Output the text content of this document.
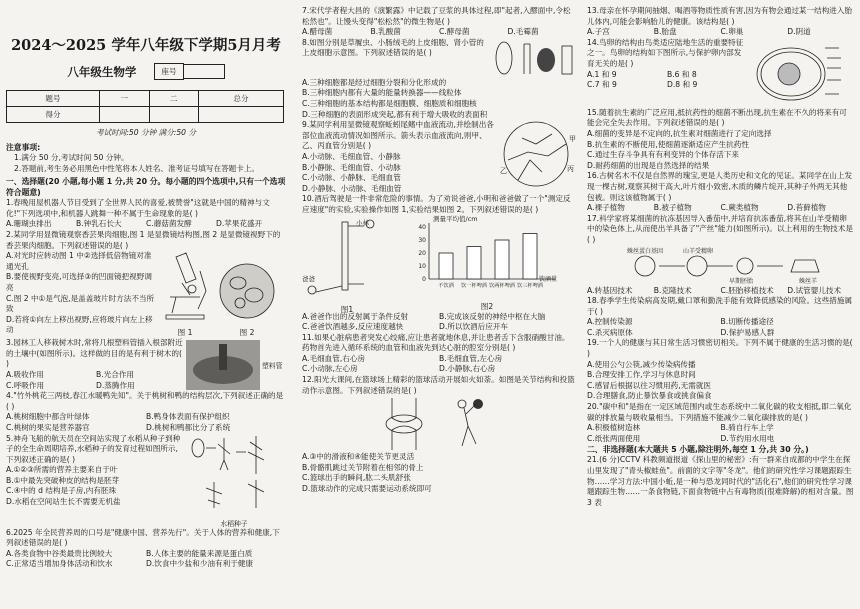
2024～2025 学年八年级下学期5月月考

八年级生物学	座号
题号	一	二	总分
得分			

考试时间:50 分钟 满分:50 分

注意事项:

1.满分 50 分,考试时间 50 分钟。

2.答题前,考生务必用黑色中性笔将本人姓名、准考证号填写在答题卡上。

一、选择题(20 小题,每小题 1 分,共 20 分。每小题的四个选项中,只有一个选项符合题意)

1.春晚用屋机器人节目受到了全世界人民的喜爱,被赞誉"这就是中国的精神与文化!"下列选项中,和机器人跳舞一种不属于生命现象的是( )

A.珊瑚虫排出	B.钟乳石长大	C.蘑菇菌发酵	D.苹果花盛开

2.某同学用显微镜观察香芸果肉细胞,图 1 是显微镜结构图,图 2 是显微镜视野下的香芸果肉细胞。下列叙述错误的是( )

A.对光时应转动图 1 中②选择低倍物镜对准通光孔

B.要使视野变亮,可选择③的凹面镜把视野调亮

C.图 2 中①是气泡,是盖盖玻片时方法不当所致

D.若将①向左上移出视野,应将玻片向左上移动	图 1	图 2

3.园林工人移栽树木时,常将几根塑料管插入根部附近的土壤中(如图所示)。这样做的目的是有利于树木的( )

A.吸收作用	B.光合作用
C.呼吸作用	D.蒸腾作用
塑料管

4."竹外桃花三两枝,春江水暖鸭先知"。关于桃树和鸭的结构层次,下列叙述正确的是( )

A.桃树细胞中都含叶绿体	B.鸭身体表面有保护组织
C.桃树的果实是营养器官	D.桃树和鸭都比分了系统

5.神舟飞船的航天员在空间站实现了水稻从种子到种子的全生命周期培养,水稻种子的发育过程如图所示,下列叙述正确的是( )

A.①②③所需的营养主要来自于叶

B.①中最先突破种皮的结构是胚芽

C.④中的 d 结构是子房,内有胚珠

D.水稻在空间站生长不需要无机盐

水稻种子

6.2025 年全民营养周的口号是"健康中国、营养先行"。关于人体的营养和健康,下列叙述错误的是( )

A.各类食物中谷类最贵比例较大	B.人体主要的能量来源是蛋白质
C.正常适当增加身体活动和饮水	D.饮食中少盐和少油有利于健康

7.宋代学者程大昌的《演繁露》中记载了豆浆的具体过程,即"起者,入醪面中,令松松然也"。让馒头变得"松松然"的微生物是( )

A.醋母菌	B.乳酸菌	C.酵母菌	D.毛霉菌

8.如图分别是草履虫、小肠绒毛的上皮细胞、肾小管的上皮细胞示意图。下列叙述错误的是( )

A.三种细胞都是经过细胞分裂和分化形成的

B.三种细胞内都有大量的能量转换器——线粒体

C.三种细胞的基本结构都是细胞膜、细胞质和细胞核

D.三种细胞的表面形成突起,都有利于增大吸收的表面积

9.某同学利用显微镜观察蚯蚓尾鳍中血液流动,并绘制出各部位血液流动情况如图所示。箭头表示血液流向,则甲、乙、丙血管分别是( )

A.小动脉、毛细血管、小静脉

B.小静脉、毛细血管、小动脉

C.小动脉、小静脉、毛细血管

D.小静脉、小动脉、毛细血管

甲
乙	丙

10.酒后驾驶是一件非常危险的事情。为了劝说爸爸,小明和爸爸做了一个"测定反应速度"的实验,实验操作如图 1,实验结果如图 2。下列叙述错误的是( )

小林
爸爸
图1
测量平均值/cm
40
30
20
10
0
不饮酒 饮一杯啤酒 饮两杯啤酒 饮三杯啤酒
饮酒量
图2
A.爸爸作出的反射属于条件反射	B.完成该反射的神经中枢在大脑
C.爸爸饮酒越多,反应速度越快	D.所以饮酒后应开车

11.如果心脏病患者突发心绞痛,应让患者就地休息,并让患者舌下含服硝酸甘油。药物首先进入循环系统的血管和血液先到达心脏的腔室分别是( )

A.毛细血管,右心房	B.毛细血管,左心房
C.小动脉,左心房	D.小静脉,右心房

12.阳光大课间,在篮球场上精彩的篮球活动开展如火如荼。如图是关节结构和投篮动作示意图。下列叙述错误的是( )

A.③中的滑液和④能使关节更灵活

B.骨骼肌跳过关节附着在相邻的骨上

C.篮球出手的瞬间,肱二头肌舒张

D.篮球动作的完成只需要运动系统即可

13.母亲在怀孕期间抽烟、喝酒等物质性质有害,因为有物会通过某一结构进入胎儿体内,可能会影响胎儿的健康。该结构是( )

A.子宫	B.胎盘	C.卵巢	D.阴道

14.鸟卵的结构由鸟类适应陆地生活的重要特征之一。鸟卵的结构如下图所示,与保护卵内部发育无关的是( )

A.1 和 9	B.6 和 8
C.7 和 9	D.8 和 9

15.随着抗生素的广泛应用,抵抗药性的细菌不断出现,抗生素在不久的将来有可能会完全失去作用。下列叙述错误的是( )

A.细菌的变异是不定向的,抗生素对细菌进行了定向选择

B.抗生素的不断使用,使细菌逐渐适应产生抗药性

C.通过生存斗争具有有利变异的个体存活下来

D.耐药细菌的出现是自然选择的结果

16.古树名木不仅是自然界的瑰宝,更是人类历史和文化的见证。某同学在山上发现一棵古树,观察其树干高大,叶片细小致密,木质的鳞片绽开,其种子外两无其他包被。则这该植物属于( )

A.裸子植物	B.被子植物	C.蕨类植物	D.苔藓植物

17.科学家将某细菌的抗冻基因导入番茄中,并培育抗冻番茄,将其在山羊受精卵中的染色体上,从而使出羊具备了"产丝"能力(如图所示)。以上利用的生物技术是( )

蛛丝蛋白基因	山羊受精卵
早期胚胎	蛛丝羊
A.转基因技术	B.克隆技术	C.胚胎移植技术	D.试管婴儿技术

18.春季学生传染病高发期,戴口罩和勤洗手能有效降低感染的风险。这些措施属于( )

A.控制传染源	B.切断传播途径
C.杀灭病原体	D.保护易感人群

19.一个人的健康与其日常生活习惯密切相关。下列不属于健康的生活习惯的是( )

A.使用公勺公筷,减少传染病传播

B.合理安排工作,学习与休息时间

C.感冒后根据以往习惯用药,无需就医

D.合理膳食,防止暴饮暴食或挑食偏食

20."碳中和"是指在一定区域范围内或生态系统中二氧化碳的收支相抵,即二氧化碳的排放量与吸收量相当。下列措施不能减少二氧化碳排放的是( )

A.积极植树造林	B.骑自行车上学
C.纸张两面使用	D.节约用水用电

二、非选择题(本大题共 5 小题,除注明外,每空 1 分,共 30 分。)

21.(6 分)CCTV 科教频道报道《探山里的秘密》:有一群来自成都的中学生在探山里发现了"青头椒蛙鱼"。前面的文字等"冬龙"。他们的研究性学习课题跟踪生物……学习方法:中国小蚯,是一种与恐龙同时代的"活化石",他们的研究性学习课题跟踪生物……一条食物链,下面食物链中占有毒物质(很难降解)的相对含量。图 3 表
